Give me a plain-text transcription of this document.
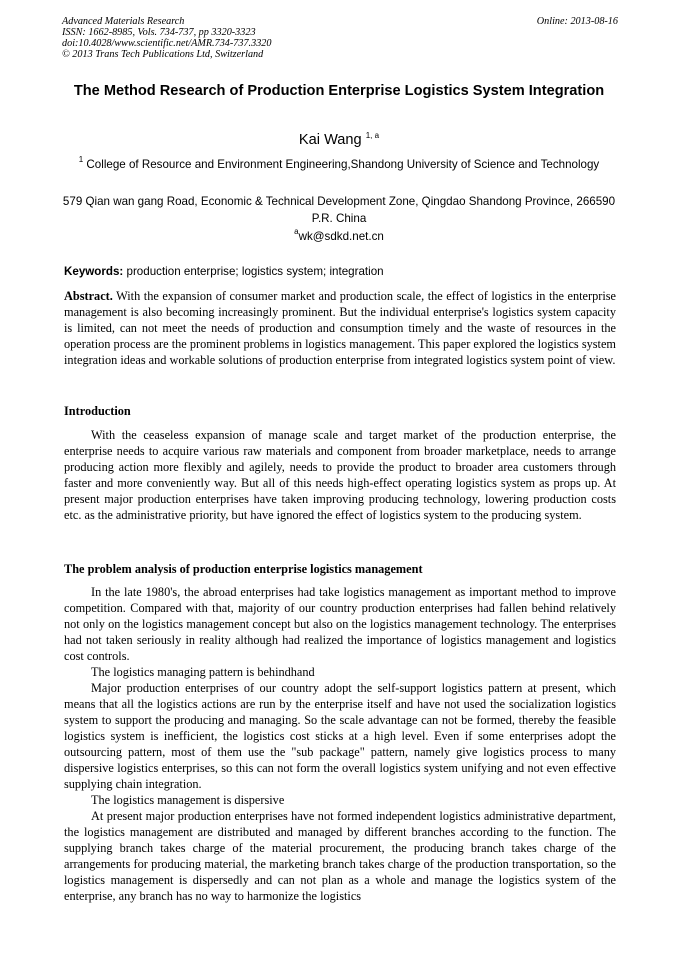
Advanced Materials Research
ISSN: 1662-8985, Vols. 734-737, pp 3320-3323
doi:10.4028/www.scientific.net/AMR.734-737.3320
© 2013 Trans Tech Publications Ltd, Switzerland
Online: 2013-08-16
The Method Research of Production Enterprise Logistics System Integration
Kai Wang $^{1, a}$
$^1$ College of Resource and Environment Engineering,Shandong University of Science and Technology
579 Qian wan gang Road, Economic & Technical Development Zone, Qingdao Shandong Province, 266590 P.R. China
$^a$wk@sdkd.net.cn
Keywords: production enterprise; logistics system; integration
Abstract. With the expansion of consumer market and production scale, the effect of logistics in the enterprise management is also becoming increasingly prominent. But the individual enterprise's logistics system capacity is limited, can not meet the needs of production and consumption timely and the waste of resources in the operation process are the prominent problems in logistics management. This paper explored the logistics system integration ideas and workable solutions of production enterprise from integrated logistics system point of view.
Introduction

With the ceaseless expansion of manage scale and target market of the production enterprise, the enterprise needs to acquire various raw materials and component from broader marketplace, needs to arrange producing action more flexibly and agilely, needs to provide the product to broader area customers through faster and more conveniently way. But all of this needs high-effect operating logistics system as props up. At present major production enterprises have taken improving producing technology, lowering production costs etc. as the administrative priority, but have ignored the effect of logistics system to the producing system.

The problem analysis of production enterprise logistics management

In the late 1980's, the abroad enterprises had take logistics management as important method to improve competition. Compared with that, majority of our country production enterprises had fallen behind relatively not only on the logistics management concept but also on the logistics management technology. The enterprises had not taken seriously in reality although had realized the importance of logistics management and logistics cost controls.

The logistics managing pattern is behindhand

Major production enterprises of our country adopt the self-support logistics pattern at present, which means that all the logistics actions are run by the enterprise itself and have not used the socialization logistics system to support the producing and managing. So the scale advantage can not be formed, thereby the feasible logistics system is inefficient, the logistics cost sticks at a high level. Even if some enterprises adopt the outsourcing pattern, most of them use the "sub package" pattern, namely give logistics process to many dispersive logistics enterprises, so this can not form the overall logistics system unifying and not even effective supplying chain integration.

The logistics management is dispersive

At present major production enterprises have not formed independent logistics administrative department, the logistics management are distributed and managed by different branches according to the function. The supplying branch takes charge of the material procurement, the producing branch takes charge of the arrangements for producing material, the marketing branch takes charge of the production transportation, so the logistics management is dispersedly and can not plan as a whole and manage the logistics system of the enterprise, any branch has no way to harmonize the logistics
